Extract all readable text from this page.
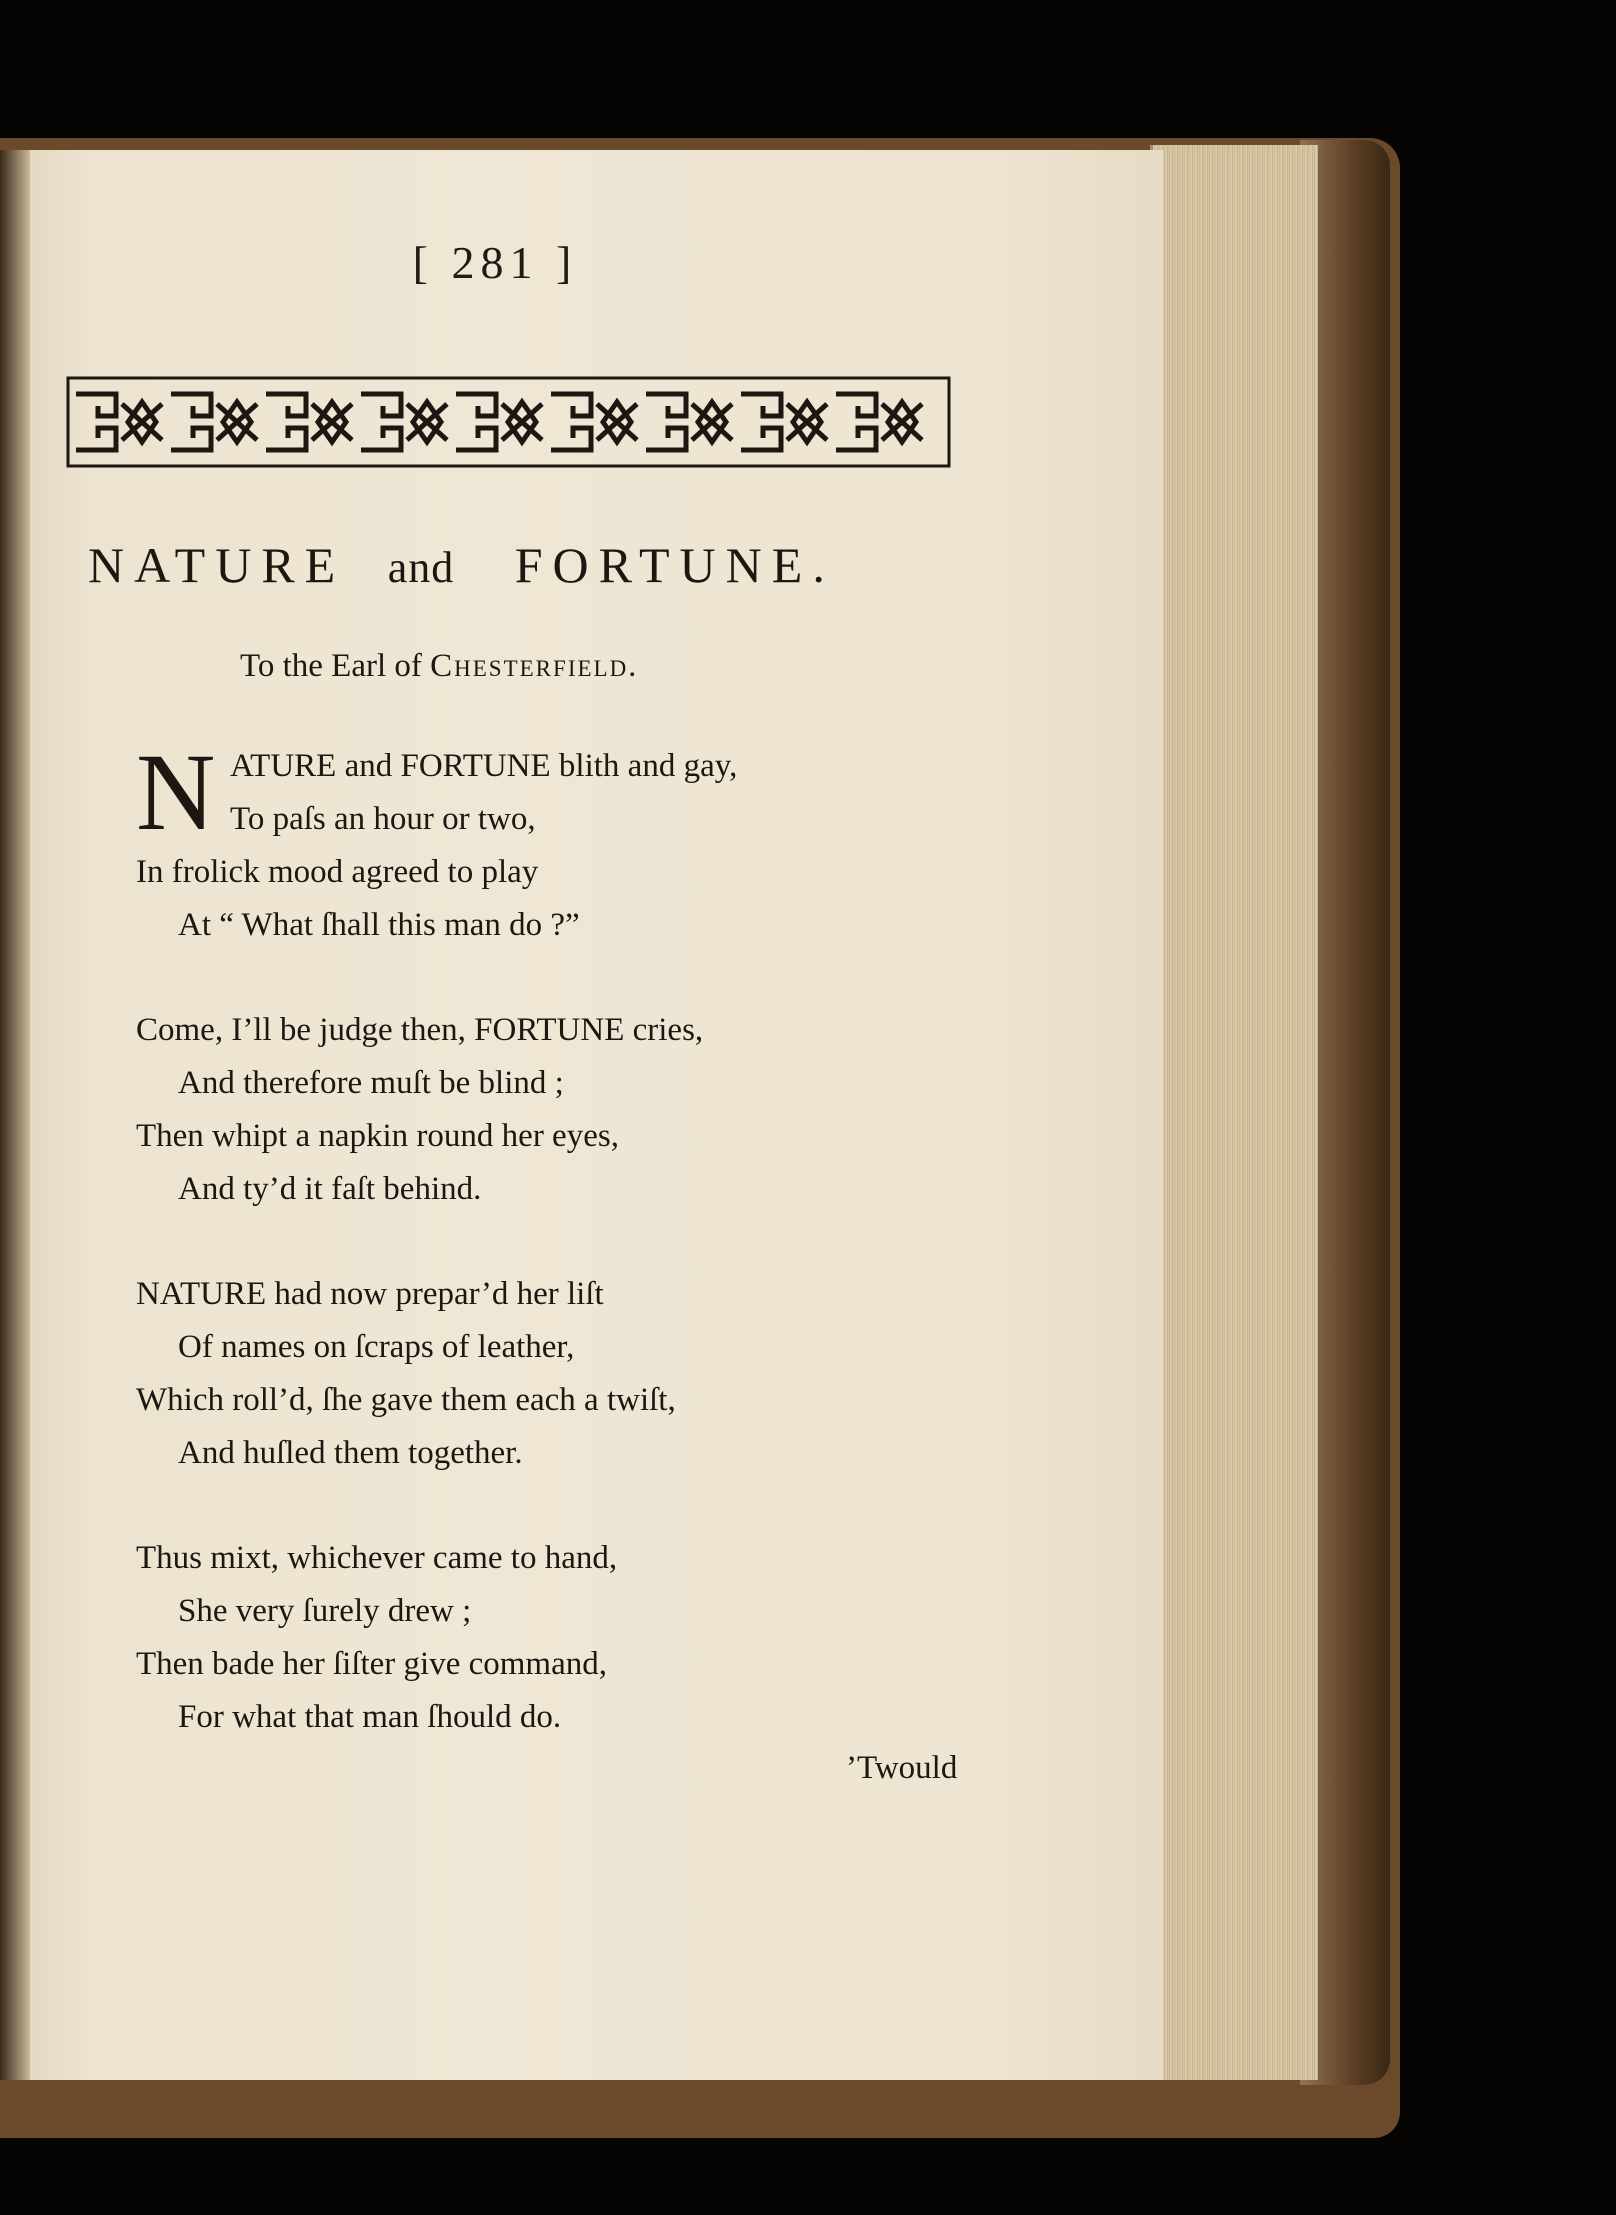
[ 281 ]
NATURE and FORTUNE.
To the Earl of Chesterfield.
N ATURE and FORTUNE blith and gay,
To paſs an hour or two,
In frolick mood agreed to play
At “ What ſhall this man do ?”
Come, I’ll be judge then, FORTUNE cries,
And therefore muſt be blind ;
Then whipt a napkin round her eyes,
And ty’d it faſt behind.
NATURE had now prepar’d her liſt
Of names on ſcraps of leather,
Which roll’d, ſhe gave them each a twiſt,
And huſled them together.
Thus mixt, whichever came to hand,
She very ſurely drew ;
Then bade her ſiſter give command,
For what that man ſhould do.
’Twould
